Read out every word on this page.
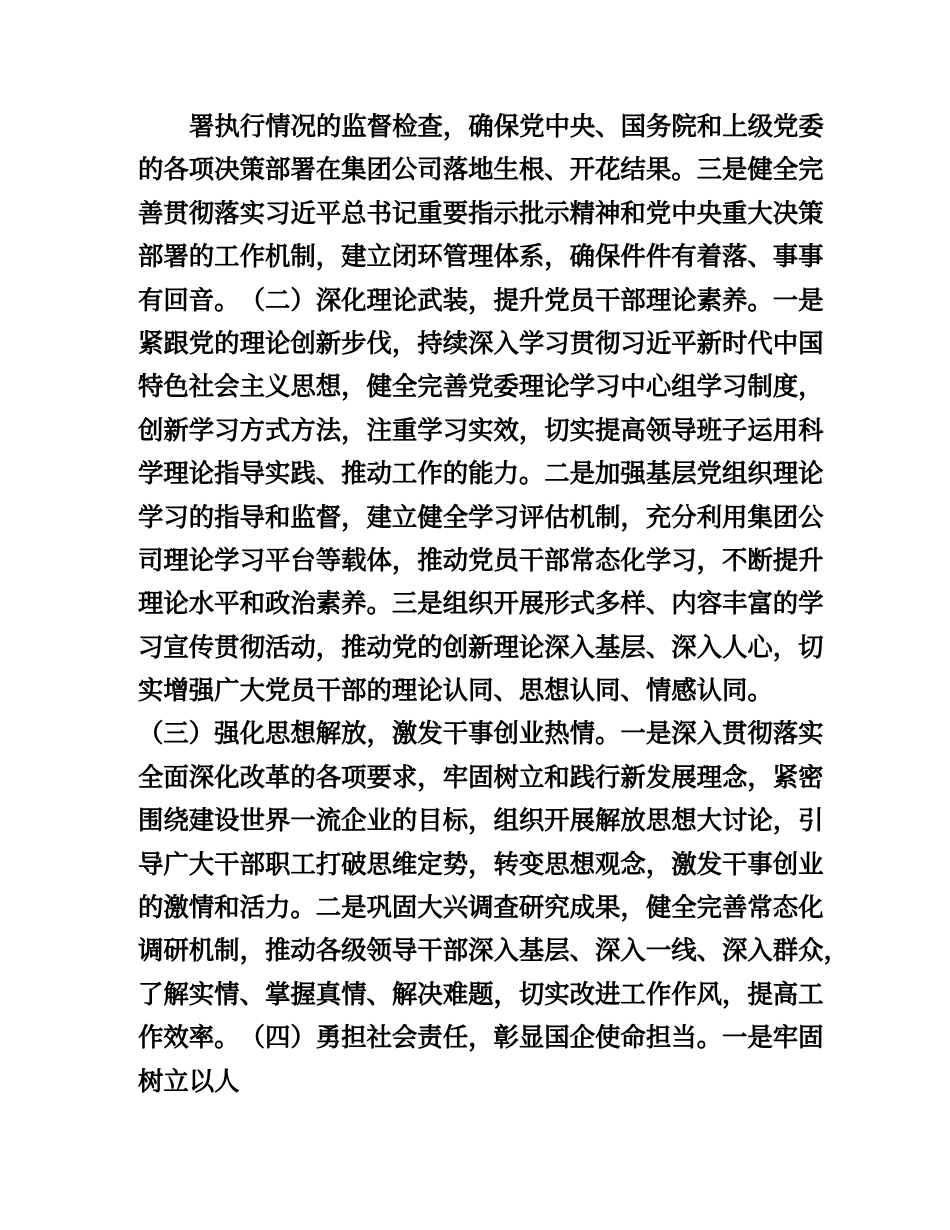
署 执 行 情 况 的 监 督 检 查 ， 确 保 党 中 央 、 国 务 院 和 上 级 党 委
的 各 项 决 策 部 署 在 集 团 公 司 落 地 生 根 、 开 花 结 果 。 三 是 健 全 完
善 贯 彻 落 实 习 近 平 总 书 记 重 要 指 示 批 示 精 神 和 党 中 央 重 大 决 策
部 署 的 工 作 机 制 ， 建 立 闭 环 管 理 体 系 ， 确 保 件 件 有 着 落 、 事 事
有 回 音 。 （ 二 ） 深 化 理 论 武 装 ， 提 升 党 员 干 部 理 论 素 养 。 一 是
紧 跟 党 的 理 论 创 新 步 伐 ， 持 续 深 入 学 习 贯 彻 习 近 平 新 时 代 中 国
特 色 社 会 主 义 思 想 ， 健 全 完 善 党 委 理 论 学 习 中 心 组 学 习 制 度 ，
创 新 学 习 方 式 方 法 ， 注 重 学 习 实 效 ， 切 实 提 高 领 导 班 子 运 用 科
学 理 论 指 导 实 践 、 推 动 工 作 的 能 力 。 二 是 加 强 基 层 党 组 织 理 论
学 习 的 指 导 和 监 督 ， 建 立 健 全 学 习 评 估 机 制 ， 充 分 利 用 集 团 公
司 理 论 学 习 平 台 等 载 体 ， 推 动 党 员 干 部 常 态 化 学 习 ， 不 断 提 升
理 论 水 平 和 政 治 素 养 。 三 是 组 织 开 展 形 式 多 样 、 内 容 丰 富 的 学
习 宣 传 贯 彻 活 动 ， 推 动 党 的 创 新 理 论 深 入 基 层 、 深 入 人 心 ， 切
实增强广大党员干部的理论认同、思想认同、情感认同。
（ 三 ） 强 化 思 想 解 放 ， 激 发 干 事 创 业 热 情 。 一 是 深 入 贯 彻 落 实
全 面 深 化 改 革 的 各 项 要 求 ， 牢 固 树 立 和 践 行 新 发 展 理 念 ， 紧 密
围 绕 建 设 世 界 一 流 企 业 的 目 标 ， 组 织 开 展 解 放 思 想 大 讨 论 ， 引
导 广 大 干 部 职 工 打 破 思 维 定 势 ， 转 变 思 想 观 念 ， 激 发 干 事 创 业
的 激 情 和 活 力 。 二 是 巩 固 大 兴 调 查 研 究 成 果 ， 健 全 完 善 常 态 化
调 研 机 制 ， 推 动 各 级 领 导 干 部 深 入 基 层 、 深 入 一 线 、 深 入 群 众 ，
了 解 实 情 、 掌 握 真 情 、 解 决 难 题 ， 切 实 改 进 工 作 作 风 ， 提 高 工
作 效 率 。 （ 四 ） 勇 担 社 会 责 任 ， 彰 显 国 企 使 命 担 当 。 一 是 牢 固
树立以人
